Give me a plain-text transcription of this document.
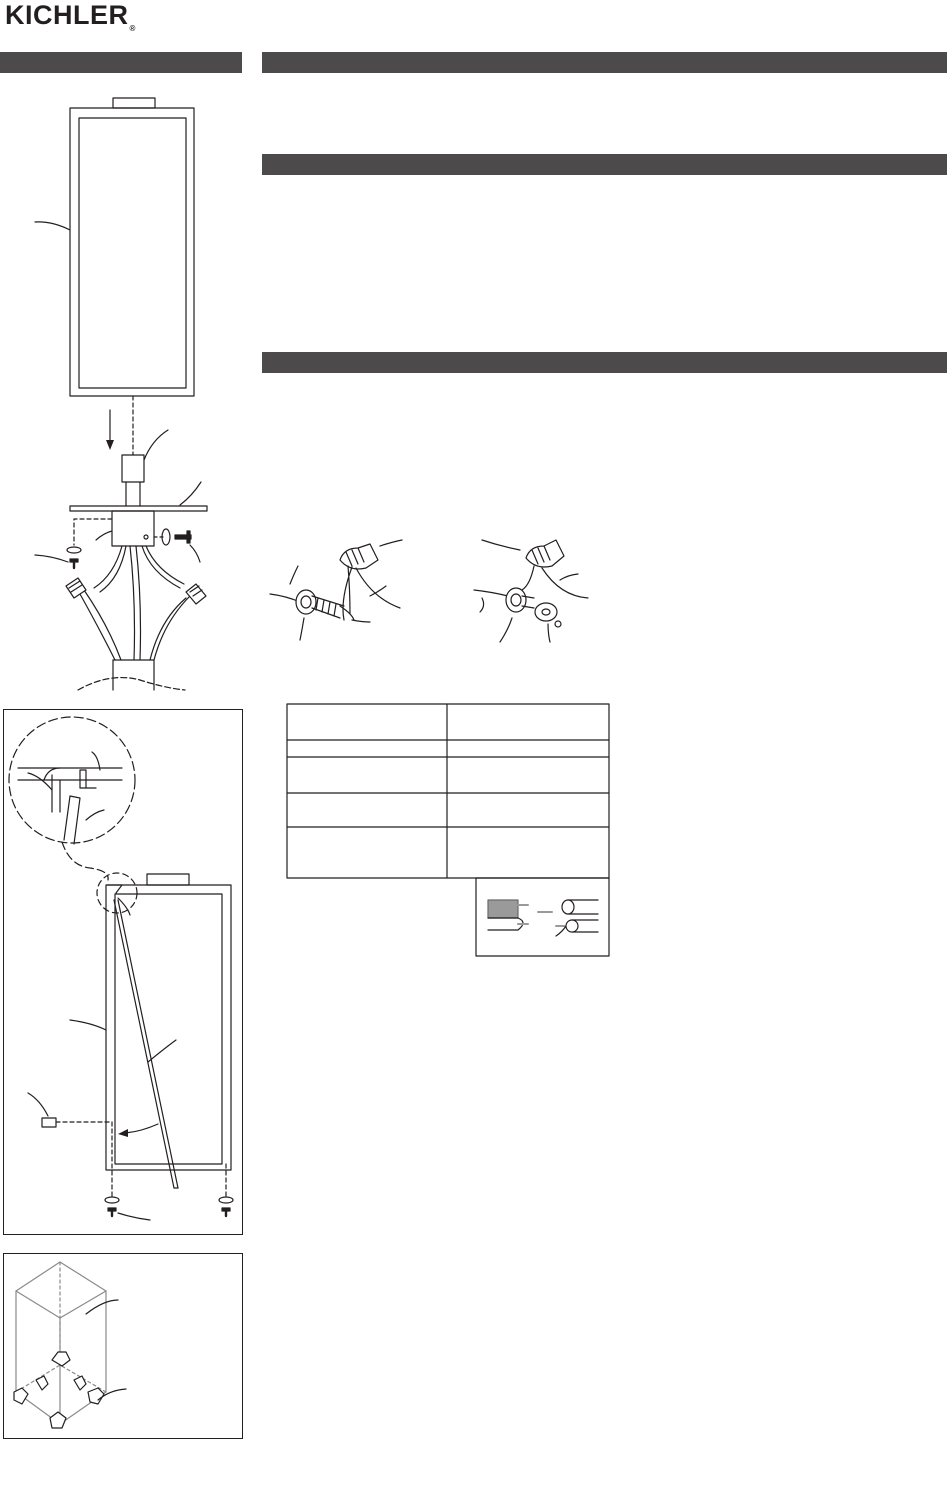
KICHLER®
